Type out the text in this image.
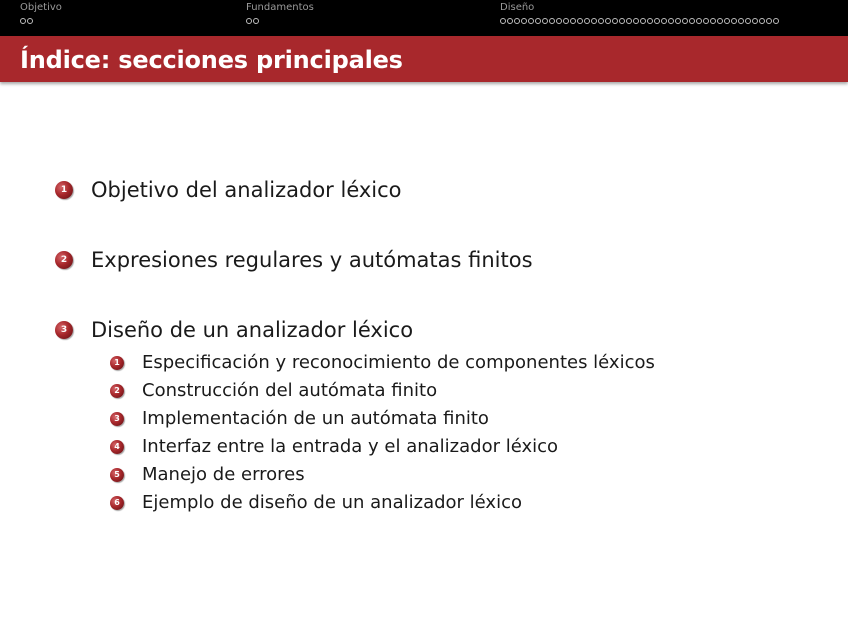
Objetivo	Fundamentos	Diseño
Índice: secciones principales
1 Objetivo del analizador léxico
2 Expresiones regulares y autómatas finitos
3 Diseño de un analizador léxico
1 Especificación y reconocimiento de componentes léxicos
2 Construcción del autómata finito
3 Implementación de un autómata finito
4 Interfaz entre la entrada y el analizador léxico
5 Manejo de errores
6 Ejemplo de diseño de un analizador léxico
